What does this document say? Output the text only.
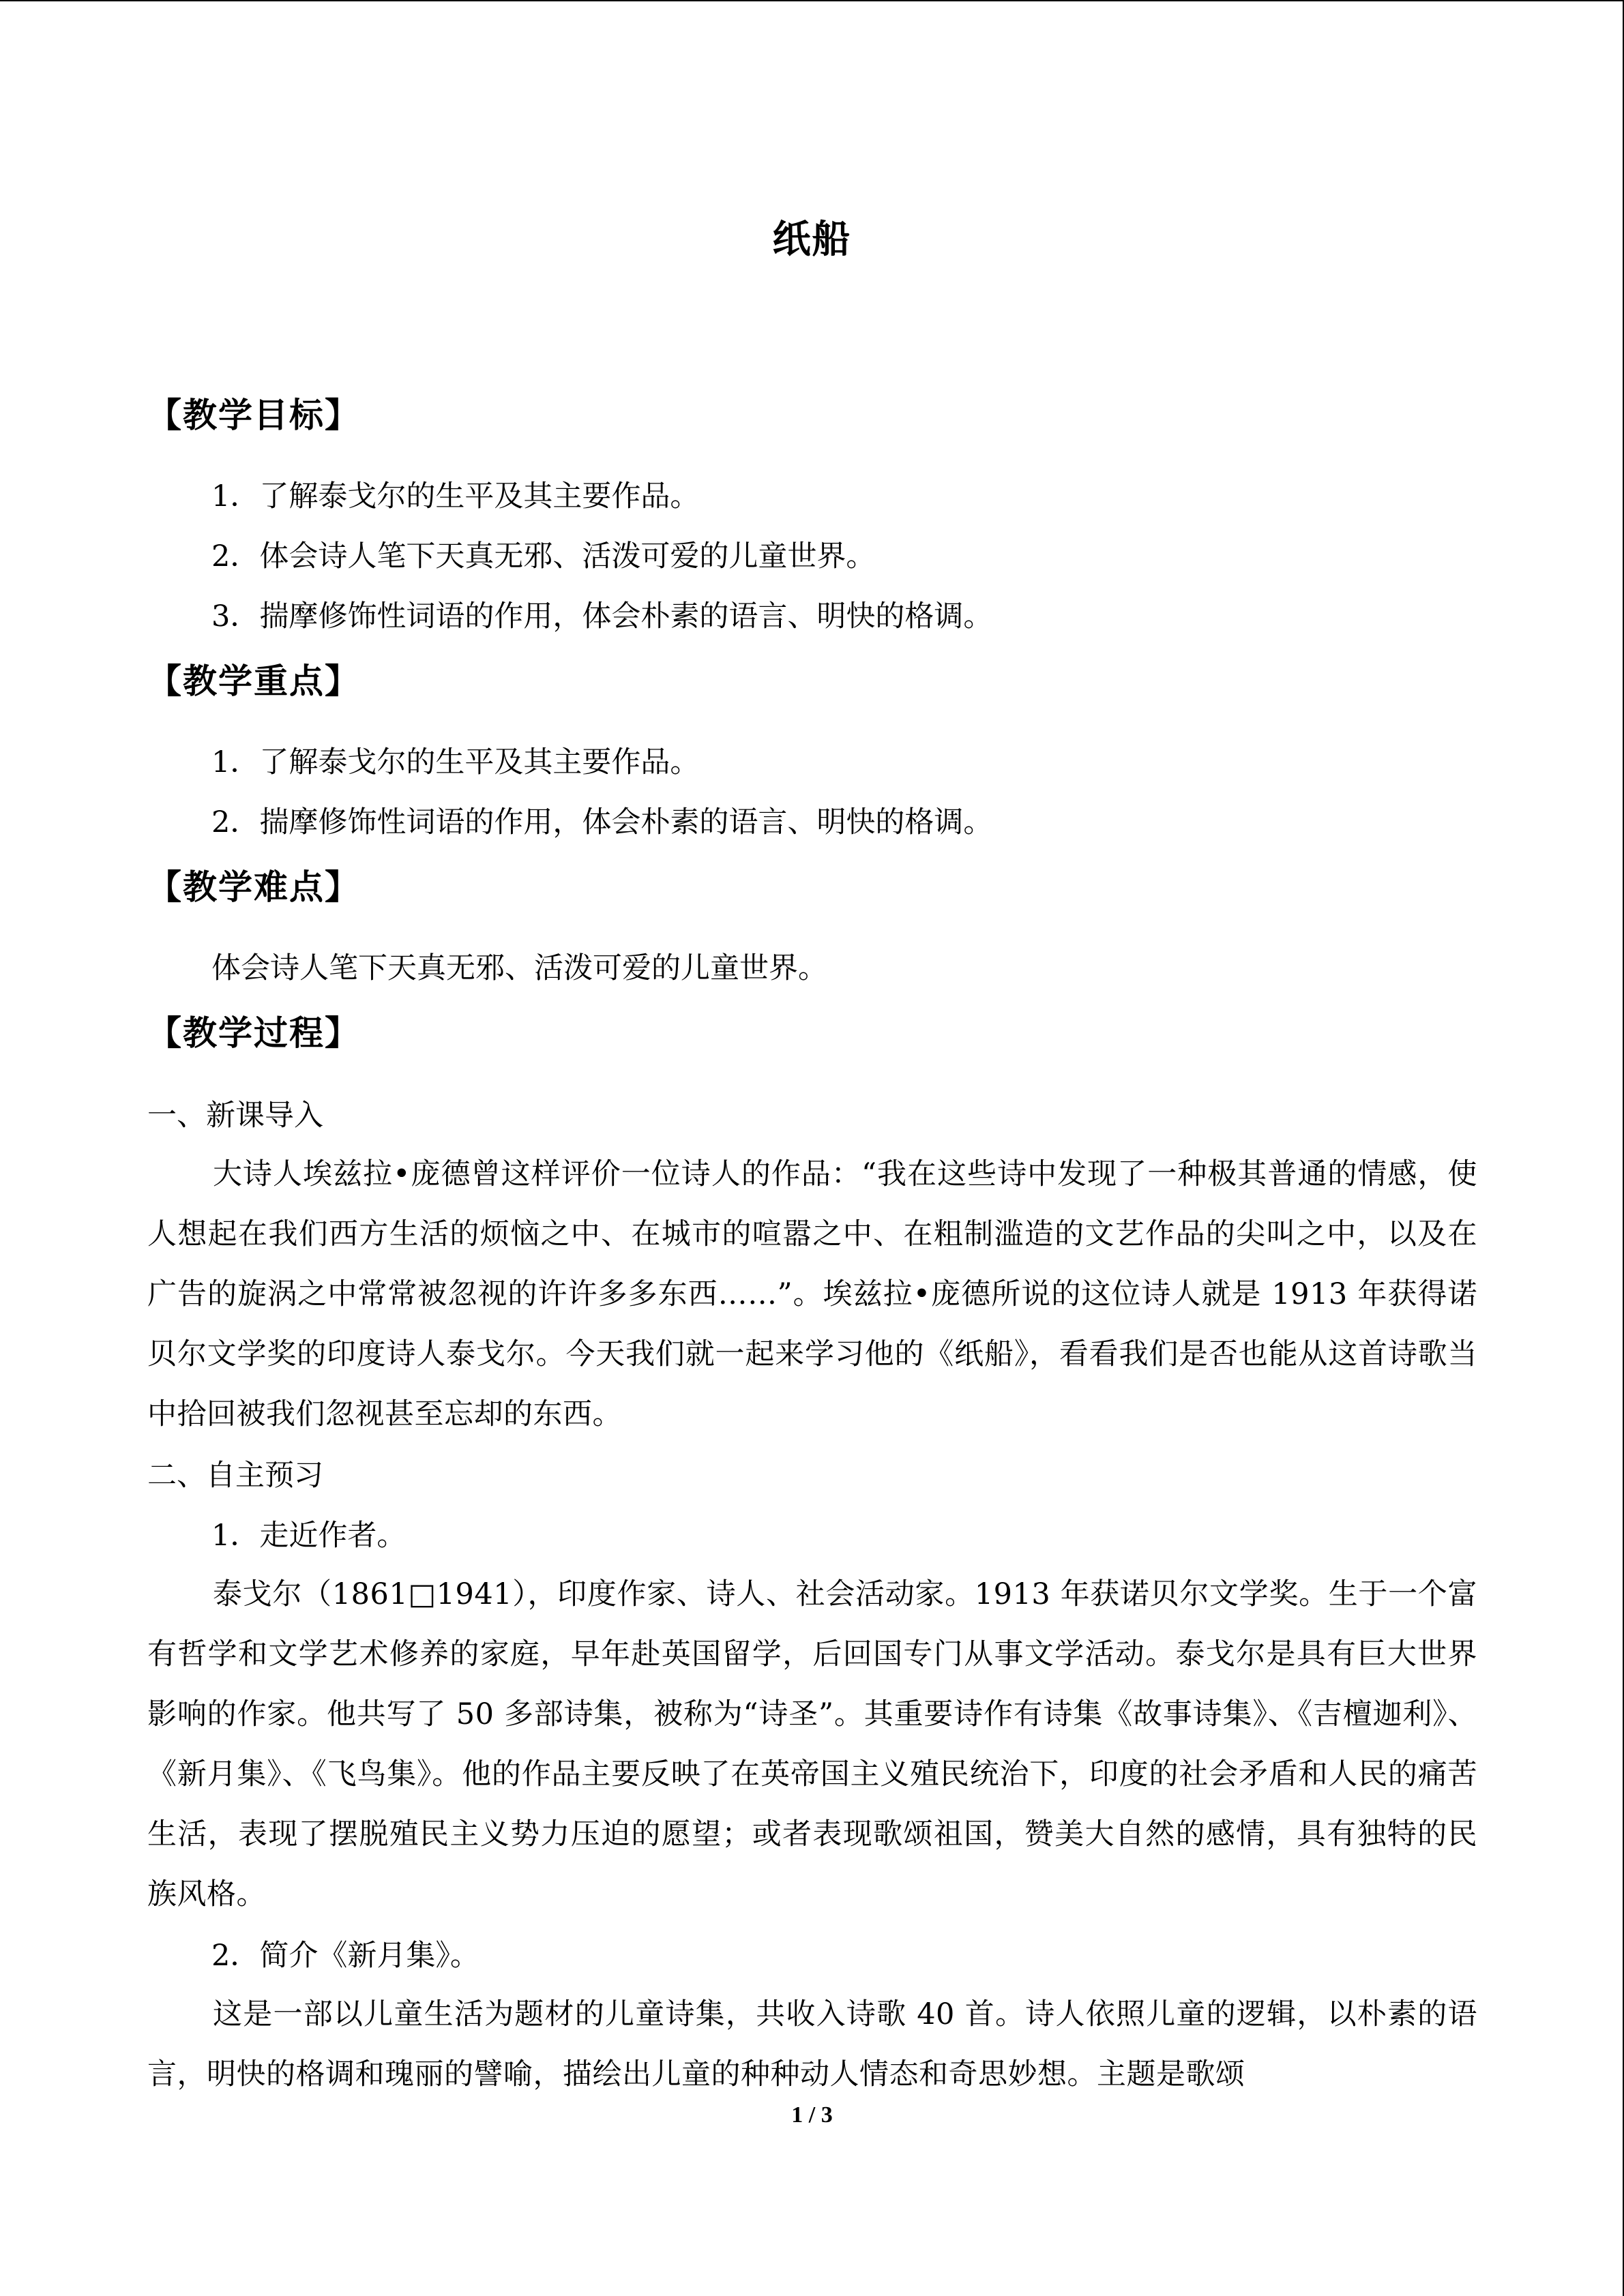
纸船
【教学目标】
1．了解泰戈尔的生平及其主要作品。
2．体会诗人笔下天真无邪、活泼可爱的儿童世界。
3．揣摩修饰性词语的作用，体会朴素的语言、明快的格调。
【教学重点】
1．了解泰戈尔的生平及其主要作品。
2．揣摩修饰性词语的作用，体会朴素的语言、明快的格调。
【教学难点】
体会诗人笔下天真无邪、活泼可爱的儿童世界。
【教学过程】
一、新课导入
大诗人埃兹拉•庞德曾这样评价一位诗人的作品：“我在这些诗中发现了一种极其普通的情感，使人想起在我们西方生活的烦恼之中、在城市的喧嚣之中、在粗制滥造的文艺作品的尖叫之中，以及在广告的旋涡之中常常被忽视的许许多多东西……”。埃兹拉•庞德所说的这位诗人就是 1913 年获得诺贝尔文学奖的印度诗人泰戈尔。今天我们就一起来学习他的《纸船》，看看我们是否也能从这首诗歌当中拾回被我们忽视甚至忘却的东西。
二、自主预习
1．走近作者。
泰戈尔（1861□1941），印度作家、诗人、社会活动家。1913 年获诺贝尔文学奖。生于一个富有哲学和文学艺术修养的家庭，早年赴英国留学，后回国专门从事文学活动。泰戈尔是具有巨大世界影响的作家。他共写了 50 多部诗集，被称为“诗圣”。其重要诗作有诗集《故事诗集》、《吉檀迦利》、《新月集》、《飞鸟集》。他的作品主要反映了在英帝国主义殖民统治下，印度的社会矛盾和人民的痛苦生活，表现了摆脱殖民主义势力压迫的愿望；或者表现歌颂祖国，赞美大自然的感情，具有独特的民族风格。
2．简介《新月集》。
这是一部以儿童生活为题材的儿童诗集，共收入诗歌 40 首。诗人依照儿童的逻辑，以朴素的语言，明快的格调和瑰丽的譬喻，描绘出儿童的种种动人情态和奇思妙想。主题是歌颂
1 / 3
